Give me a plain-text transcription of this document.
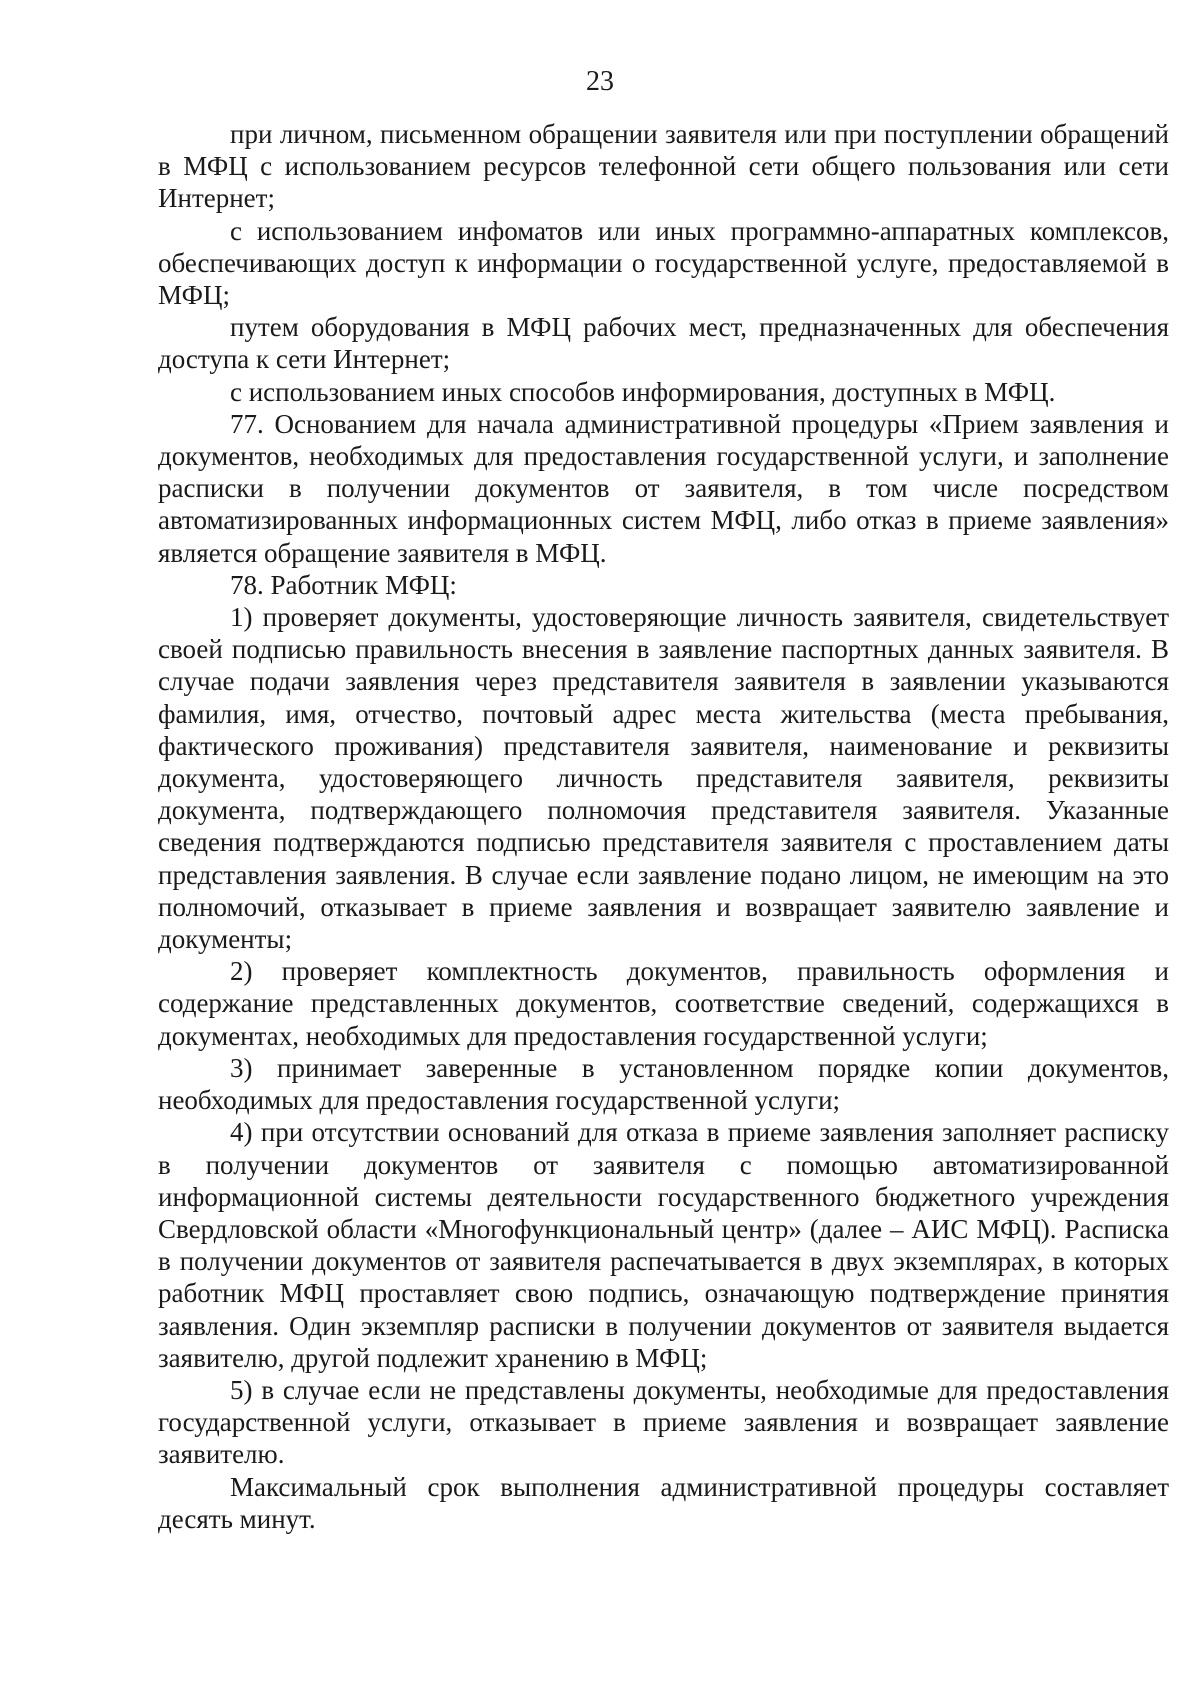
23

при личном, письменном обращении заявителя или при поступлении обращений в МФЦ с использованием ресурсов телефонной сети общего пользования или сети Интернет;

с использованием инфоматов или иных программно-аппаратных комплексов, обеспечивающих доступ к информации о государственной услуге, предоставляемой в МФЦ;

путем оборудования в МФЦ рабочих мест, предназначенных для обеспечения доступа к сети Интернет;

с использованием иных способов информирования, доступных в МФЦ.

77. Основанием для начала административной процедуры «Прием заявления и документов, необходимых для предоставления государственной услуги, и заполнение расписки в получении документов от заявителя, в том числе посредством автоматизированных информационных систем МФЦ, либо отказ в приеме заявления» является обращение заявителя в МФЦ.

78. Работник МФЦ:

1) проверяет документы, удостоверяющие личность заявителя, свидетельствует своей подписью правильность внесения в заявление паспортных данных заявителя. В случае подачи заявления через представителя заявителя в заявлении указываются фамилия, имя, отчество, почтовый адрес места жительства (места пребывания, фактического проживания) представителя заявителя, наименование и реквизиты документа, удостоверяющего личность представителя заявителя, реквизиты документа, подтверждающего полномочия представителя заявителя. Указанные сведения подтверждаются подписью представителя заявителя с проставлением даты представления заявления. В случае если заявление подано лицом, не имеющим на это полномочий, отказывает в приеме заявления и возвращает заявителю заявление и документы;

2) проверяет комплектность документов, правильность оформления и содержание представленных документов, соответствие сведений, содержащихся в документах, необходимых для предоставления государственной услуги;

3) принимает заверенные в установленном порядке копии документов, необходимых для предоставления государственной услуги;

4) при отсутствии оснований для отказа в приеме заявления заполняет расписку в получении документов от заявителя с помощью автоматизированной информационной системы деятельности государственного бюджетного учреждения Свердловской области «Многофункциональный центр» (далее – АИС МФЦ). Расписка в получении документов от заявителя распечатывается в двух экземплярах, в которых работник МФЦ проставляет свою подпись, означающую подтверждение принятия заявления. Один экземпляр расписки в получении документов от заявителя выдается заявителю, другой подлежит хранению в МФЦ;

5) в случае если не представлены документы, необходимые для предоставления государственной услуги, отказывает в приеме заявления и возвращает заявление заявителю.

Максимальный срок выполнения административной процедуры составляет десять минут.
